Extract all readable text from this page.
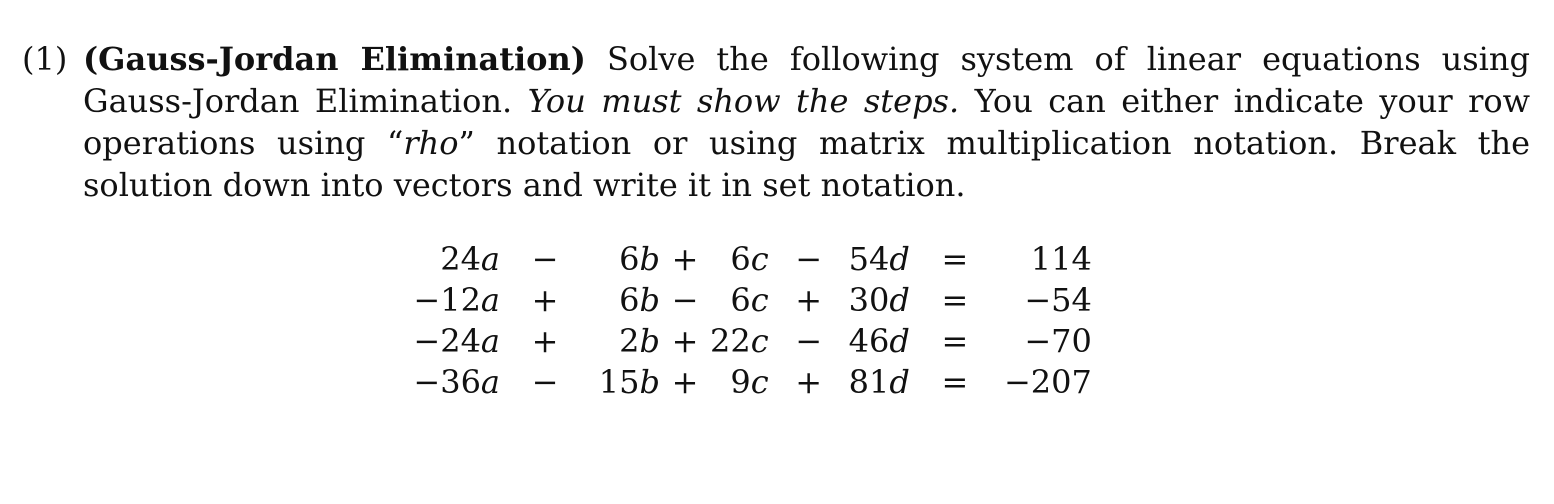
(1) (Gauss-Jordan Elimination) Solve the following system of linear equations using Gauss-Jordan Elimination. You must show the steps. You can either indicate your row operations using “rho” notation or using matrix multiplication notation. Break the solution down into vectors and write it in set notation.
24a	−	6b	+	6c	−	54d	=	114
−12a	+	6b	−	6c	+	30d	=	−54
−24a	+	2b	+	22c	−	46d	=	−70
−36a	−	15b	+	9c	+	81d	=	−207
